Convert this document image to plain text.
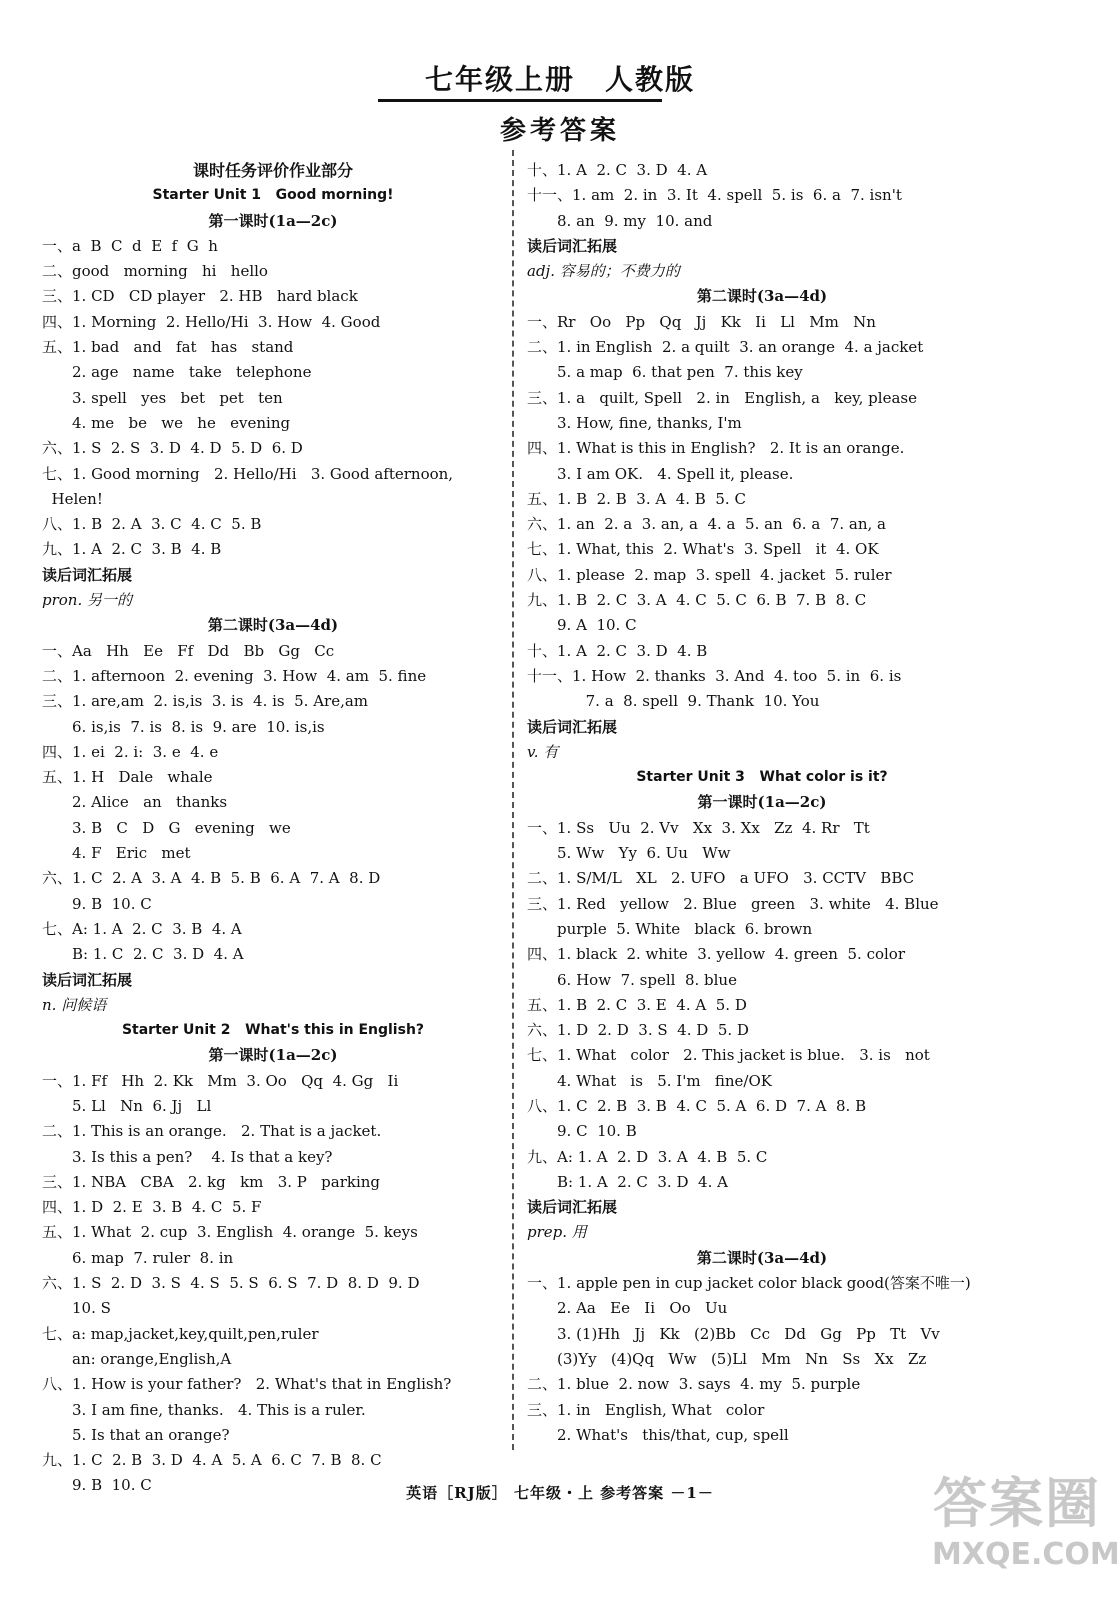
七年级上册　人教版
参考答案
课时任务评价作业部分
Starter Unit 1   Good morning!
第一课时(1a—2c)
一、a  B  C  d  E  f  G  h
二、good   morning   hi   hello
三、1. CD   CD player   2. HB   hard black
四、1. Morning  2. Hello/Hi  3. How  4. Good
五、1. bad   and   fat   has   stand
2. age   name   take   telephone
3. spell   yes   bet   pet   ten
4. me   be   we   he   evening
六、1. S  2. S  3. D  4. D  5. D  6. D
七、1. Good morning   2. Hello/Hi   3. Good afternoon,
Helen!
八、1. B  2. A  3. C  4. C  5. B
九、1. A  2. C  3. B  4. B
读后词汇拓展
pron. 另一的
第二课时(3a—4d)
一、Aa   Hh   Ee   Ff   Dd   Bb   Gg   Cc
二、1. afternoon  2. evening  3. How  4. am  5. fine
三、1. are,am  2. is,is  3. is  4. is  5. Are,am
6. is,is  7. is  8. is  9. are  10. is,is
四、1. ei  2. i:  3. e  4. e
五、1. H   Dale   whale
2. Alice   an   thanks
3. B   C   D   G   evening   we
4. F   Eric   met
六、1. C  2. A  3. A  4. B  5. B  6. A  7. A  8. D
9. B  10. C
七、A: 1. A  2. C  3. B  4. A
B: 1. C  2. C  3. D  4. A
读后词汇拓展
n. 问候语
Starter Unit 2   What's this in English?
第一课时(1a—2c)
一、1. Ff   Hh  2. Kk   Mm  3. Oo   Qq  4. Gg   Ii
5. Ll   Nn  6. Jj   Ll
二、1. This is an orange.   2. That is a jacket.
3. Is this a pen?    4. Is that a key?
三、1. NBA   CBA   2. kg   km   3. P   parking
四、1. D  2. E  3. B  4. C  5. F
五、1. What  2. cup  3. English  4. orange  5. keys
6. map  7. ruler  8. in
六、1. S  2. D  3. S  4. S  5. S  6. S  7. D  8. D  9. D
10. S
七、a: map,jacket,key,quilt,pen,ruler
an: orange,English,A
八、1. How is your father?   2. What's that in English?
3. I am fine, thanks.   4. This is a ruler.
5. Is that an orange?
九、1. C  2. B  3. D  4. A  5. A  6. C  7. B  8. C
9. B  10. C
十、1. A  2. C  3. D  4. A
十一、1. am  2. in  3. It  4. spell  5. is  6. a  7. isn't
8. an  9. my  10. and
读后词汇拓展
adj. 容易的；不费力的
第二课时(3a—4d)
一、Rr   Oo   Pp   Qq   Jj   Kk   Ii   Ll   Mm   Nn
二、1. in English  2. a quilt  3. an orange  4. a jacket
5. a map  6. that pen  7. this key
三、1. a   quilt, Spell   2. in   English, a   key, please
3. How, fine, thanks, I'm
四、1. What is this in English?   2. It is an orange.
3. I am OK.   4. Spell it, please.
五、1. B  2. B  3. A  4. B  5. C
六、1. an  2. a  3. an, a  4. a  5. an  6. a  7. an, a
七、1. What, this  2. What's  3. Spell   it  4. OK
八、1. please  2. map  3. spell  4. jacket  5. ruler
九、1. B  2. C  3. A  4. C  5. C  6. B  7. B  8. C
9. A  10. C
十、1. A  2. C  3. D  4. B
十一、1. How  2. thanks  3. And  4. too  5. in  6. is
7. a  8. spell  9. Thank  10. You
读后词汇拓展
v. 有
Starter Unit 3   What color is it?
第一课时(1a—2c)
一、1. Ss   Uu  2. Vv   Xx  3. Xx   Zz  4. Rr   Tt
5. Ww   Yy  6. Uu   Ww
二、1. S/M/L   XL   2. UFO   a UFO   3. CCTV   BBC
三、1. Red   yellow   2. Blue   green   3. white   4. Blue
purple  5. White   black  6. brown
四、1. black  2. white  3. yellow  4. green  5. color
6. How  7. spell  8. blue
五、1. B  2. C  3. E  4. A  5. D
六、1. D  2. D  3. S  4. D  5. D
七、1. What   color   2. This jacket is blue.   3. is   not
4. What   is   5. I'm   fine/OK
八、1. C  2. B  3. B  4. C  5. A  6. D  7. A  8. B
9. C  10. B
九、A: 1. A  2. D  3. A  4. B  5. C
B: 1. A  2. C  3. D  4. A
读后词汇拓展
prep. 用
第二课时(3a—4d)
一、1. apple pen in cup jacket color black good(答案不唯一)
2. Aa   Ee   Ii   Oo   Uu
3. (1)Hh   Jj   Kk   (2)Bb   Cc   Dd   Gg   Pp   Tt   Vv
(3)Yy   (4)Qq   Ww   (5)Ll   Mm   Nn   Ss   Xx   Zz
二、1. blue  2. now  3. says  4. my  5. purple
三、1. in   English, What   color
2. What's   this/that, cup, spell
英语［RJ版］ 七年级・上 参考答案 －1－	答案圈
MXQE.COM
